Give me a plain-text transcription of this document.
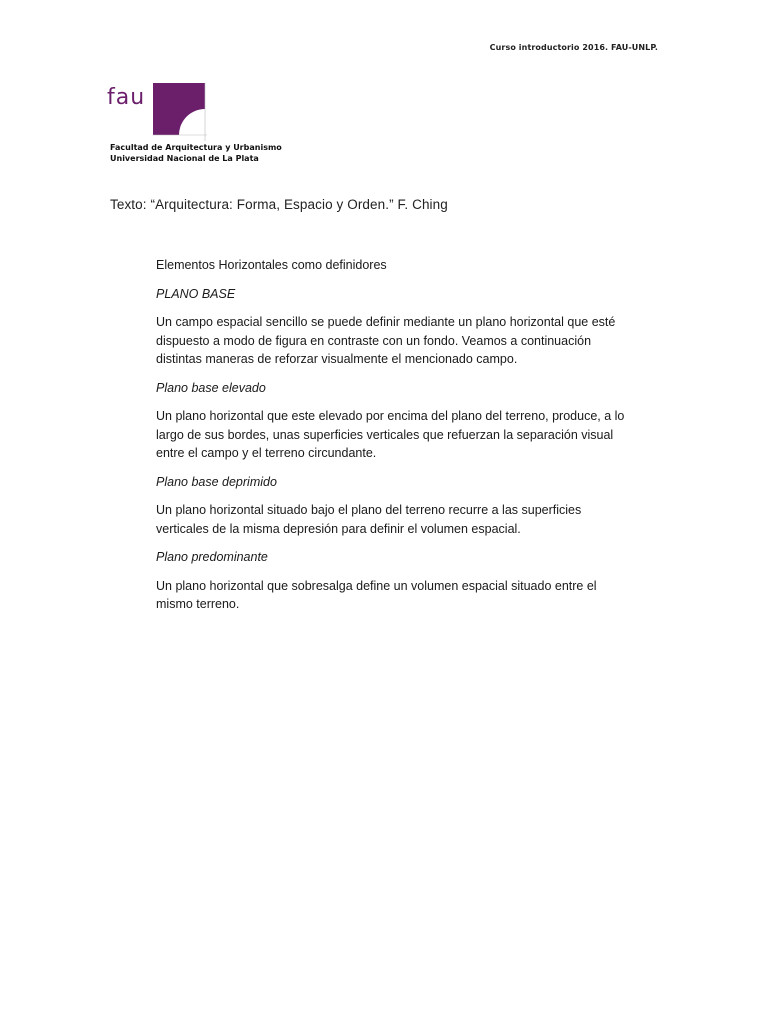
Curso introductorio 2016. FAU-UNLP.
fau
Facultad de Arquitectura y Urbanismo
Universidad Nacional de La Plata
Texto: “Arquitectura: Forma, Espacio y Orden.” F. Ching

Elementos Horizontales como definidores

PLANO BASE

Un campo espacial sencillo se puede definir mediante un plano horizontal que esté dispuesto a modo de figura en contraste con un fondo. Veamos a continuación distintas maneras de reforzar visualmente el mencionado campo.

Plano base elevado

Un plano horizontal que este elevado por encima del plano del terreno, produce, a lo largo de sus bordes, unas superficies verticales que refuerzan la separación visual entre el campo y el terreno circundante.

Plano base deprimido

Un plano horizontal situado bajo el plano del terreno recurre a las superficies verticales de la misma depresión para definir el volumen espacial.

Plano predominante

Un plano horizontal que sobresalga define un volumen espacial situado entre el mismo terreno.
